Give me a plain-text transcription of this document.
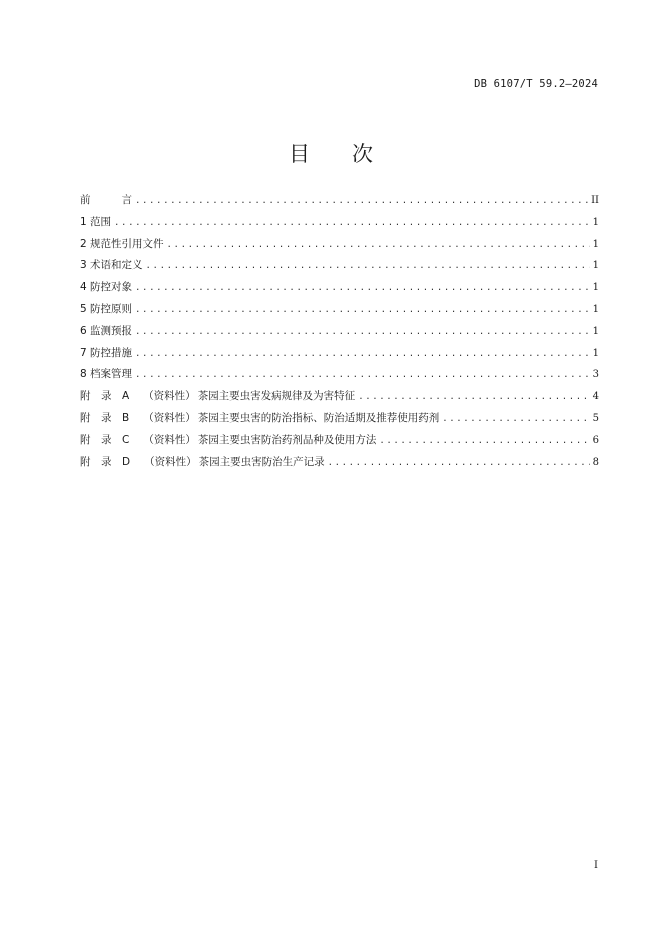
DB 6107/T 59.2—2024
目 次
前	言 .....	II
1 范围 .....	1
2 规范性引用文件 .....	1
3 术语和定义 .....	1
4 防控对象 .....	1
5 防控原则 .....	1
6 监测预报 .....	1
7 防控措施 .....	1
8 档案管理 .....	3
附　录　A （资料性） 茶园主要虫害发病规律及为害特征 .....	4
附　录　B （资料性） 茶园主要虫害的防治指标、防治适期及推荐使用药剂 .....	5
附　录　C （资料性） 茶园主要虫害防治药剂品种及使用方法 .....	6
附　录　D （资料性） 茶园主要虫害防治生产记录 .....	8
I
